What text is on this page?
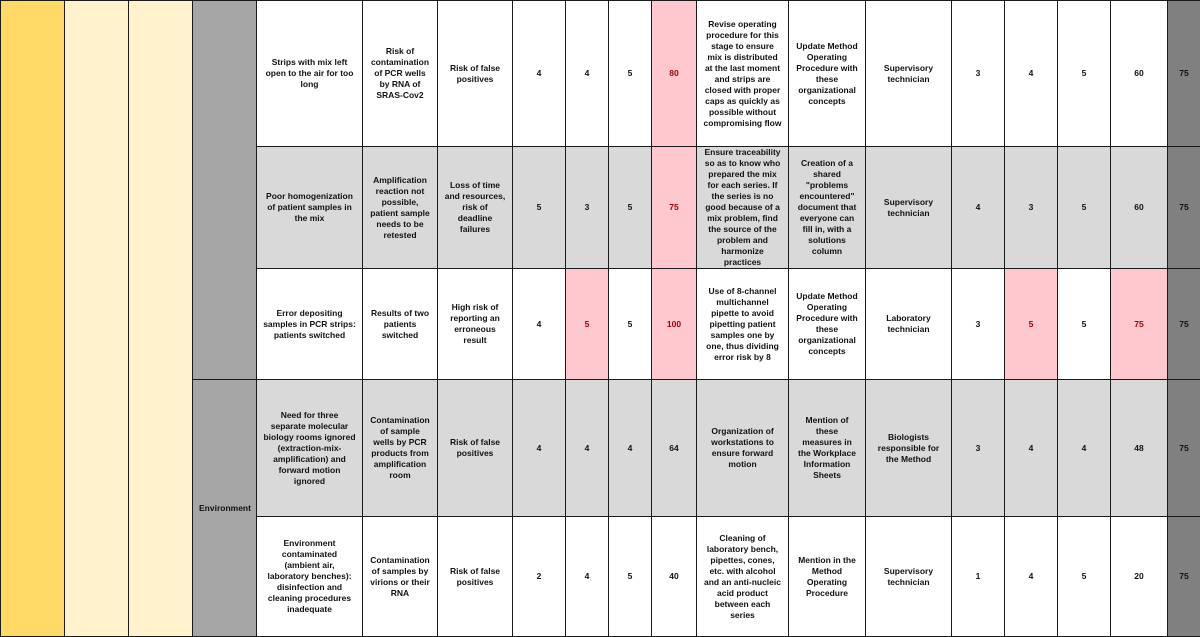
				Strips with mix left open to the air for too long	Risk of contamination of PCR wells by RNA of SRAS-Cov2	Risk of false positives	4	4	5	80	Revise operating procedure for this stage to ensure mix is distributed at the last moment and strips are closed with proper caps as quickly as possible without compromising flow	Update Method Operating Procedure with these organizational concepts	Supervisory technician	3	4	5	60	75
				Poor homogenization of patient samples in the mix	Amplification reaction not possible, patient sample needs to be retested	Loss of time and resources, risk of deadline failures	5	3	5	75	Ensure traceability so as to know who prepared the mix for each series. If the series is no good because of a mix problem, find the source of the problem and harmonize practices	Creation of a shared "problems encountered" document that everyone can fill in, with a solutions column	Supervisory technician	4	3	5	60	75
				Error depositing samples in PCR strips: patients switched	Results of two patients switched	High risk of reporting an erroneous result	4	5	5	100	Use of 8-channel multichannel pipette to avoid pipetting patient samples one by one, thus dividing error risk by 8	Update Method Operating Procedure with these organizational concepts	Laboratory technician	3	5	5	75	75
			Environment	Need for three separate molecular biology rooms ignored (extraction-mix-amplification) and forward motion ignored	Contamination of sample wells by PCR products from amplification room	Risk of false positives	4	4	4	64	Organization of workstations to ensure forward motion	Mention of these measures in the Workplace Information Sheets	Biologists responsible for the Method	3	4	4	48	75
				Environment contaminated (ambient air, laboratory benches): disinfection and cleaning procedures inadequate	Contamination of samples by virions or their RNA	Risk of false positives	2	4	5	40	Cleaning of laboratory bench, pipettes, cones, etc. with alcohol and an anti-nucleic acid product between each series	Mention in the Method Operating Procedure	Supervisory technician	1	4	5	20	75
